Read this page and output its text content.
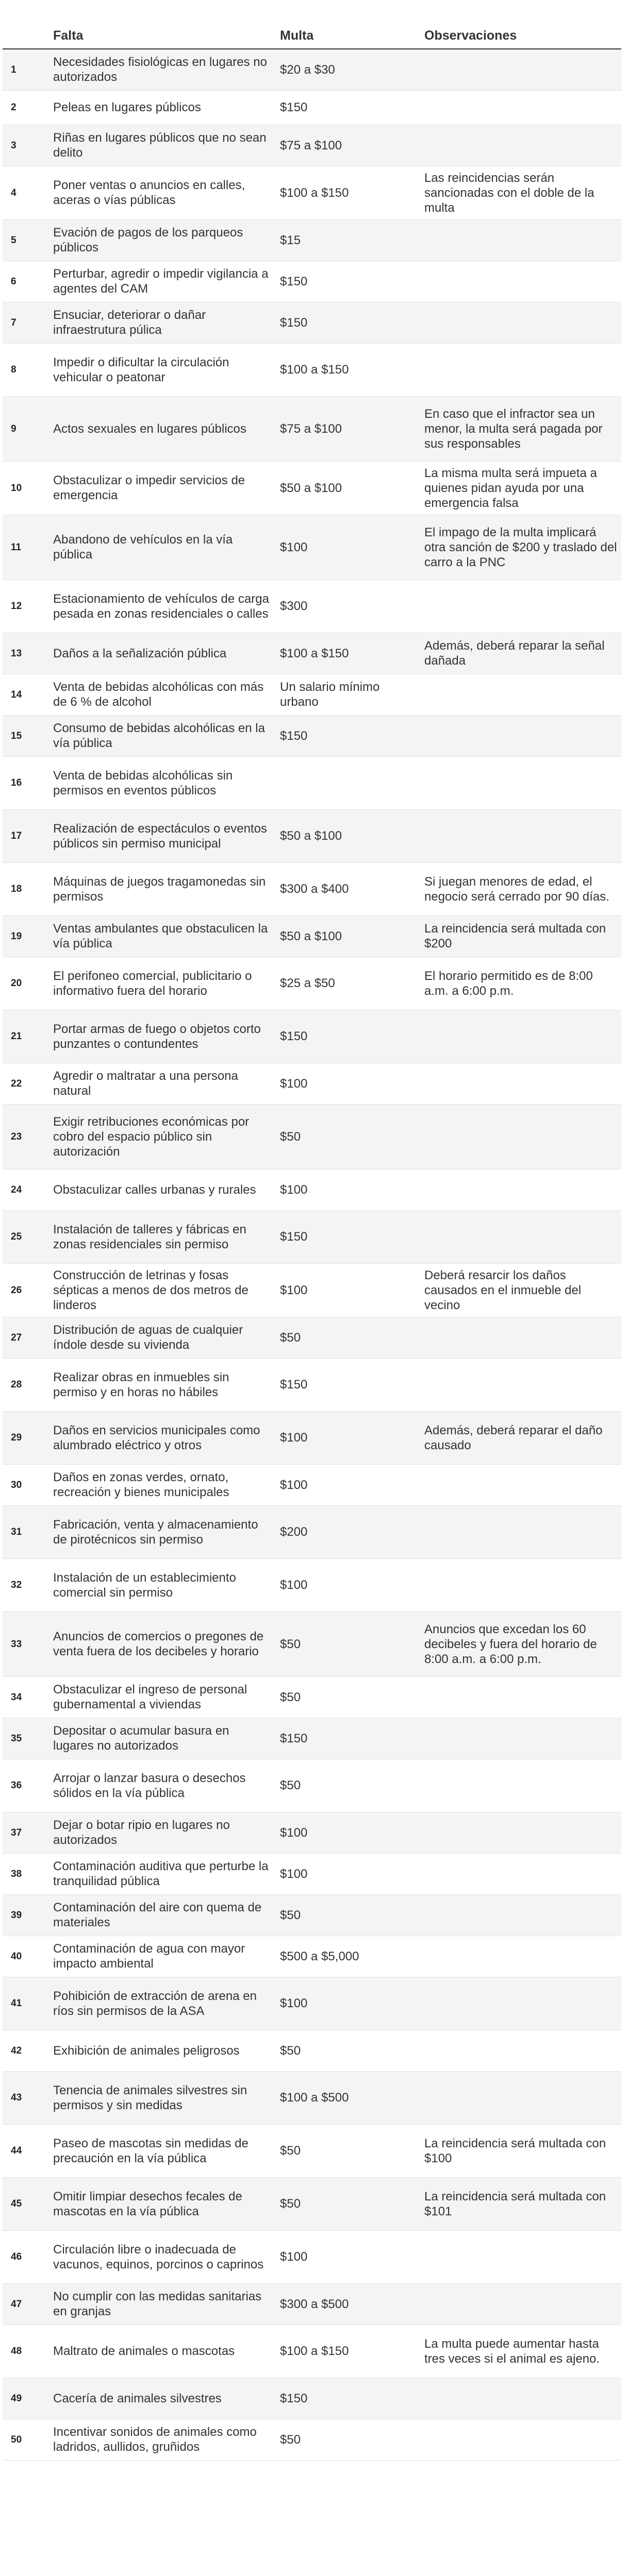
	Falta	Multa	Observaciones
1	Necesidades fisiológicas en lugares no autorizados	$20 a $30	
2	Peleas en lugares públicos	$150	
3	Riñas en lugares públicos que no sean delito	$75 a $100	
4	Poner ventas o anuncios en calles, aceras o vías públicas	$100 a $150	Las reincidencias serán sancionadas con el doble de la multa
5	Evación de pagos de los parqueos públicos	$15	
6	Perturbar, agredir o impedir vigilancia a agentes del CAM	$150	
7	Ensuciar, deteriorar o dañar infraestrutura púlica	$150	
8	Impedir o dificultar la circulación vehicular o peatonar	$100 a $150	
9	Actos sexuales en lugares públicos	$75 a $100	En caso que el infractor sea un menor, la multa será pagada por sus responsables
10	Obstaculizar o impedir servicios de emergencia	$50 a $100	La misma multa será impueta a quienes pidan ayuda por una emergencia falsa
11	Abandono de vehículos en la vía pública	$100	El impago de la multa implicará otra sanción de $200 y traslado del carro a la PNC
12	Estacionamiento de vehículos de carga pesada en zonas residenciales o calles	$300	
13	Daños a la señalización pública	$100 a $150	Además, deberá reparar la señal dañada
14	Venta de bebidas alcohólicas con más de 6 % de alcohol	Un salario mínimo urbano	
15	Consumo de bebidas alcohólicas en la vía pública	$150	
16	Venta de bebidas alcohólicas sin permisos en eventos públicos		
17	Realización de espectáculos o eventos públicos sin permiso municipal	$50 a $100	
18	Máquinas de juegos tragamonedas sin permisos	$300 a $400	Si juegan menores de edad, el negocio será cerrado por 90 días.
19	Ventas ambulantes que obstaculicen la vía pública	$50 a $100	La reincidencia será multada con $200
20	El perifoneo comercial, publicitario o informativo fuera del horario	$25 a $50	El horario permitido es de 8:00 a.m. a 6:00 p.m.
21	Portar armas de fuego o objetos corto punzantes o contundentes	$150	
22	Agredir o maltratar a una persona natural	$100	
23	Exigir retribuciones económicas por cobro del espacio público sin autorización	$50	
24	Obstaculizar calles urbanas y rurales	$100	
25	Instalación de talleres y fábricas en zonas residenciales sin permiso	$150	
26	Construcción de letrinas y fosas sépticas a menos de dos metros de linderos	$100	Deberá resarcir los daños causados en el inmueble del vecino
27	Distribución de aguas de cualquier índole desde su vivienda	$50	
28	Realizar obras en inmuebles sin permiso y en horas no hábiles	$150	
29	Daños en servicios municipales como alumbrado eléctrico y otros	$100	Además, deberá reparar el daño causado
30	Daños en zonas verdes, ornato, recreación y bienes municipales	$100	
31	Fabricación, venta y almacenamiento de pirotécnicos sin permiso	$200	
32	Instalación de un establecimiento comercial sin permiso	$100	
33	Anuncios de comercios o pregones de venta fuera de los decibeles y horario	$50	Anuncios que excedan los 60 decibeles y fuera del horario de 8:00 a.m. a 6:00 p.m.
34	Obstaculizar el ingreso de personal gubernamental a viviendas	$50	
35	Depositar o acumular basura en lugares no autorizados	$150	
36	Arrojar o lanzar basura o desechos sólidos en la vía pública	$50	
37	Dejar o botar ripio en lugares no autorizados	$100	
38	Contaminación auditiva que perturbe la tranquilidad pública	$100	
39	Contaminación del aire con quema de materiales	$50	
40	Contaminación de agua con mayor impacto ambiental	$500 a $5,000	
41	Pohibición de extracción de arena en ríos sin permisos de la ASA	$100	
42	Exhibición de animales peligrosos	$50	
43	Tenencia de animales silvestres sin permisos y sin medidas	$100 a $500	
44	Paseo de mascotas sin medidas de precaución en la vía pública	$50	La reincidencia será multada con $100
45	Omitir limpiar desechos fecales de mascotas en la vía pública	$50	La reincidencia será multada con $101
46	Circulación libre o inadecuada de vacunos, equinos, porcinos o caprinos	$100	
47	No cumplir con las medidas sanitarias en granjas	$300 a $500	
48	Maltrato de animales o mascotas	$100 a $150	La multa puede aumentar hasta tres veces si el animal es ajeno.
49	Cacería de animales silvestres	$150	
50	Incentivar sonidos de animales como ladridos, aullidos, gruñidos	$50	
